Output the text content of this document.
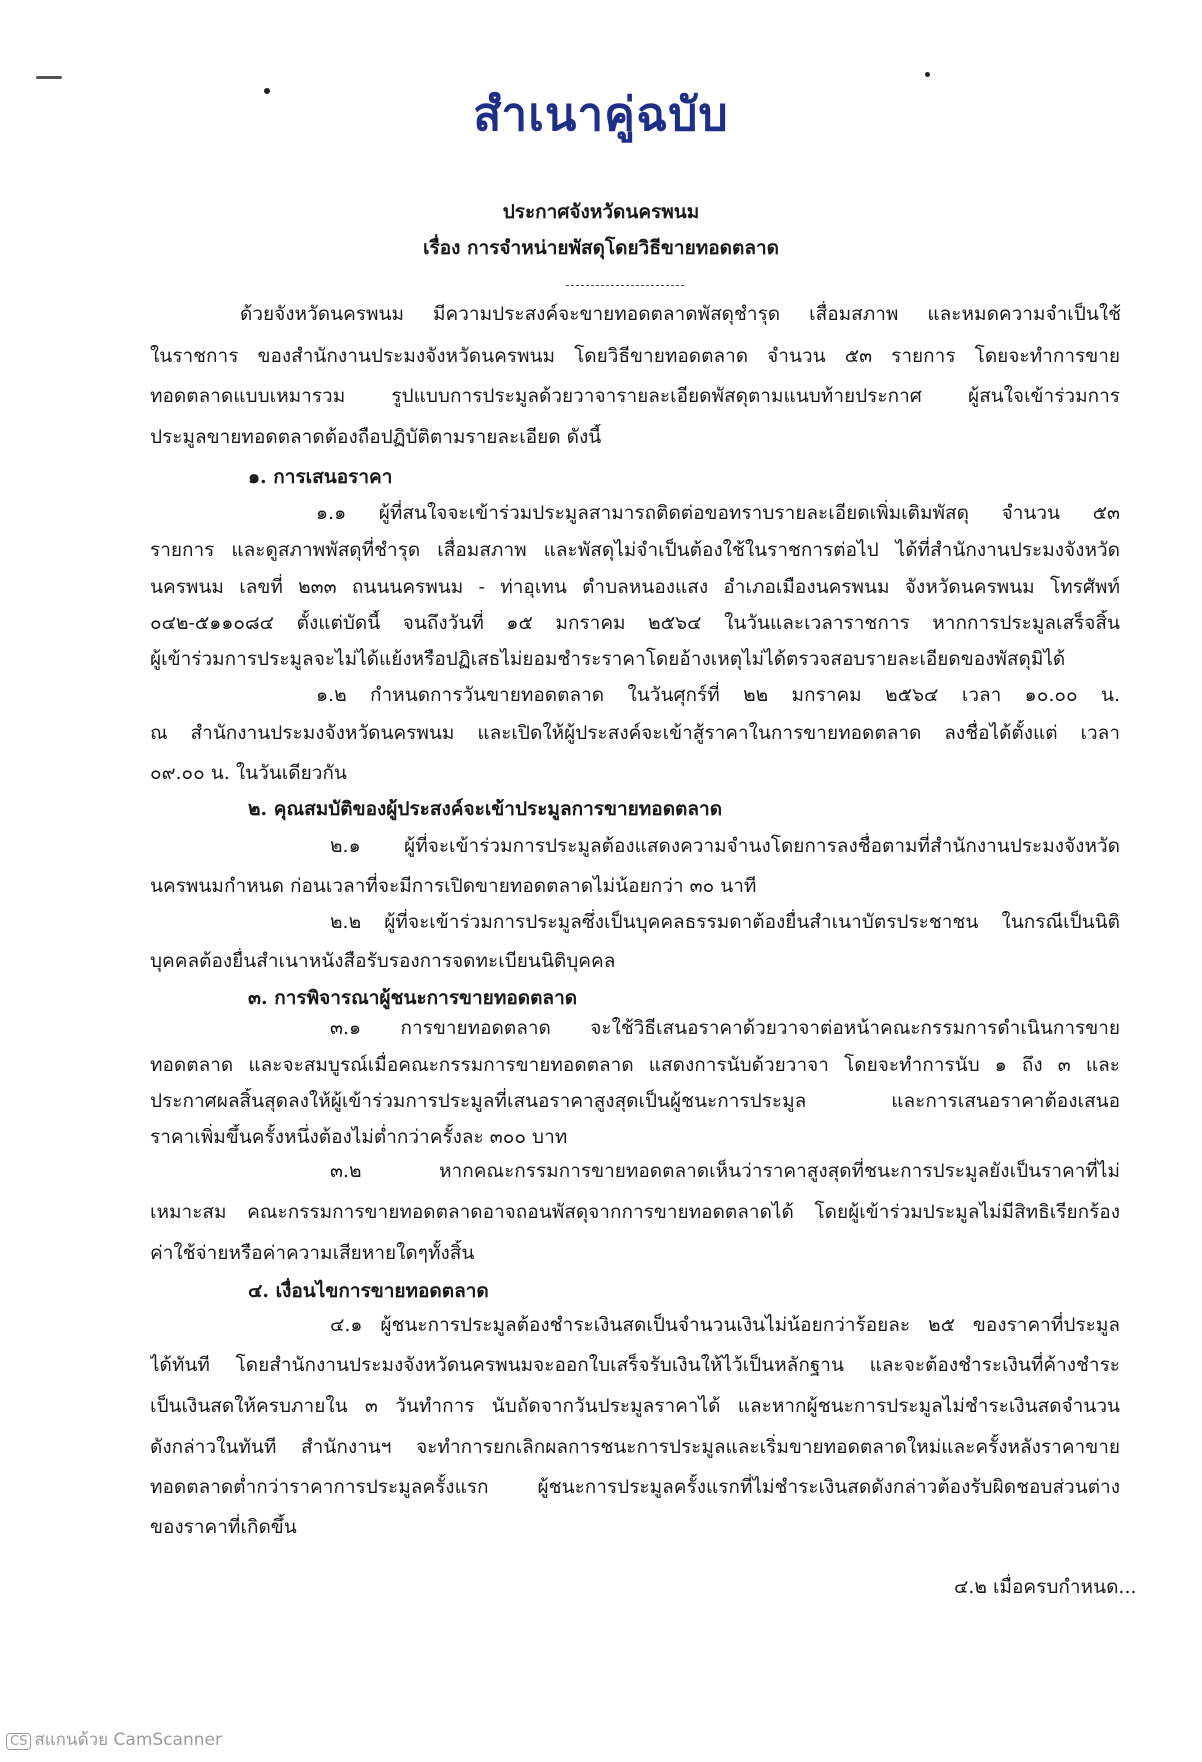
สำเนาคู่ฉบับ
ประกาศจังหวัดนครพนม
เรื่อง การจำหน่ายพัสดุโดยวิธีขายทอดตลาด
ด้วยจังหวัดนครพนม มีความประสงค์จะขายทอดตลาดพัสดุชำรุด เสื่อมสภาพ และหมดความจำเป็นใช้
ในราชการ ของสำนักงานประมงจังหวัดนครพนม โดยวิธีขายทอดตลาด จำนวน ๕๓ รายการ โดยจะทำการขาย
ทอดตลาดแบบเหมารวม รูปแบบการประมูลด้วยวาจารายละเอียดพัสดุตามแนบท้ายประกาศ ผู้สนใจเข้าร่วมการ
ประมูลขายทอดตลาดต้องถือปฏิบัติตามรายละเอียด ดังนี้
๑. การเสนอราคา
๑.๑ ผู้ที่สนใจจะเข้าร่วมประมูลสามารถติดต่อขอทราบรายละเอียดเพิ่มเติมพัสดุ จำนวน ๕๓
รายการ และดูสภาพพัสดุที่ชำรุด เสื่อมสภาพ และพัสดุไม่จำเป็นต้องใช้ในราชการต่อไป ได้ที่สำนักงานประมงจังหวัด
นครพนม เลขที่ ๒๓๓ ถนนนครพนม - ท่าอุเทน ตำบลหนองแสง อำเภอเมืองนครพนม จังหวัดนครพนม โทรศัพท์
๐๔๒-๕๑๑๐๘๔ ตั้งแต่บัดนี้ จนถึงวันที่ ๑๕ มกราคม ๒๕๖๔ ในวันและเวลาราชการ หากการประมูลเสร็จสิ้น
ผู้เข้าร่วมการประมูลจะไม่ได้แย้งหรือปฏิเสธไม่ยอมชำระราคาโดยอ้างเหตุไม่ได้ตรวจสอบรายละเอียดของพัสดุมิได้
๑.๒ กำหนดการวันขายทอดตลาด ในวันศุกร์ที่ ๒๒ มกราคม ๒๕๖๔ เวลา ๑๐.๐๐ น.
ณ สำนักงานประมงจังหวัดนครพนม และเปิดให้ผู้ประสงค์จะเข้าสู้ราคาในการขายทอดตลาด ลงชื่อได้ตั้งแต่ เวลา
๐๙.๐๐ น. ในวันเดียวกัน
๒. คุณสมบัติของผู้ประสงค์จะเข้าประมูลการขายทอดตลาด
๒.๑ ผู้ที่จะเข้าร่วมการประมูลต้องแสดงความจำนงโดยการลงชื่อตามที่สำนักงานประมงจังหวัด
นครพนมกำหนด ก่อนเวลาที่จะมีการเปิดขายทอดตลาดไม่น้อยกว่า ๓๐ นาที
๒.๒ ผู้ที่จะเข้าร่วมการประมูลซึ่งเป็นบุคคลธรรมดาต้องยื่นสำเนาบัตรประชาชน ในกรณีเป็นนิติ
บุคคลต้องยื่นสำเนาหนังสือรับรองการจดทะเบียนนิติบุคคล
๓. การพิจารณาผู้ชนะการขายทอดตลาด
๓.๑ การขายทอดตลาด จะใช้วิธีเสนอราคาด้วยวาจาต่อหน้าคณะกรรมการดำเนินการขาย
ทอดตลาด และจะสมบูรณ์เมื่อคณะกรรมการขายทอดตลาด แสดงการนับด้วยวาจา โดยจะทำการนับ ๑ ถึง ๓ และ
ประกาศผลสิ้นสุดลงให้ผู้เข้าร่วมการประมูลที่เสนอราคาสูงสุดเป็นผู้ชนะการประมูล และการเสนอราคาต้องเสนอ
ราคาเพิ่มขึ้นครั้งหนึ่งต้องไม่ต่ำกว่าครั้งละ ๓๐๐ บาท
๓.๒ หากคณะกรรมการขายทอดตลาดเห็นว่าราคาสูงสุดที่ชนะการประมูลยังเป็นราคาที่ไม่
เหมาะสม คณะกรรมการขายทอดตลาดอาจถอนพัสดุจากการขายทอดตลาดได้ โดยผู้เข้าร่วมประมูลไม่มีสิทธิเรียกร้อง
ค่าใช้จ่ายหรือค่าความเสียหายใดๆทั้งสิ้น
๔. เงื่อนไขการขายทอดตลาด
๔.๑ ผู้ชนะการประมูลต้องชำระเงินสดเป็นจำนวนเงินไม่น้อยกว่าร้อยละ ๒๕ ของราคาที่ประมูล
ได้ทันที โดยสำนักงานประมงจังหวัดนครพนมจะออกใบเสร็จรับเงินให้ไว้เป็นหลักฐาน และจะต้องชำระเงินที่ค้างชำระ
เป็นเงินสดให้ครบภายใน ๓ วันทำการ นับถัดจากวันประมูลราคาได้ และหากผู้ชนะการประมูลไม่ชำระเงินสดจำนวน
ดังกล่าวในทันที สำนักงานฯ จะทำการยกเลิกผลการชนะการประมูลและเริ่มขายทอดตลาดใหม่และครั้งหลังราคาขาย
ทอดตลาดต่ำกว่าราคาการประมูลครั้งแรก ผู้ชนะการประมูลครั้งแรกที่ไม่ชำระเงินสดดังกล่าวต้องรับผิดชอบส่วนต่าง
ของราคาที่เกิดขึ้น
๔.๒ เมื่อครบกำหนด...
CS สแกนด้วย CamScanner
